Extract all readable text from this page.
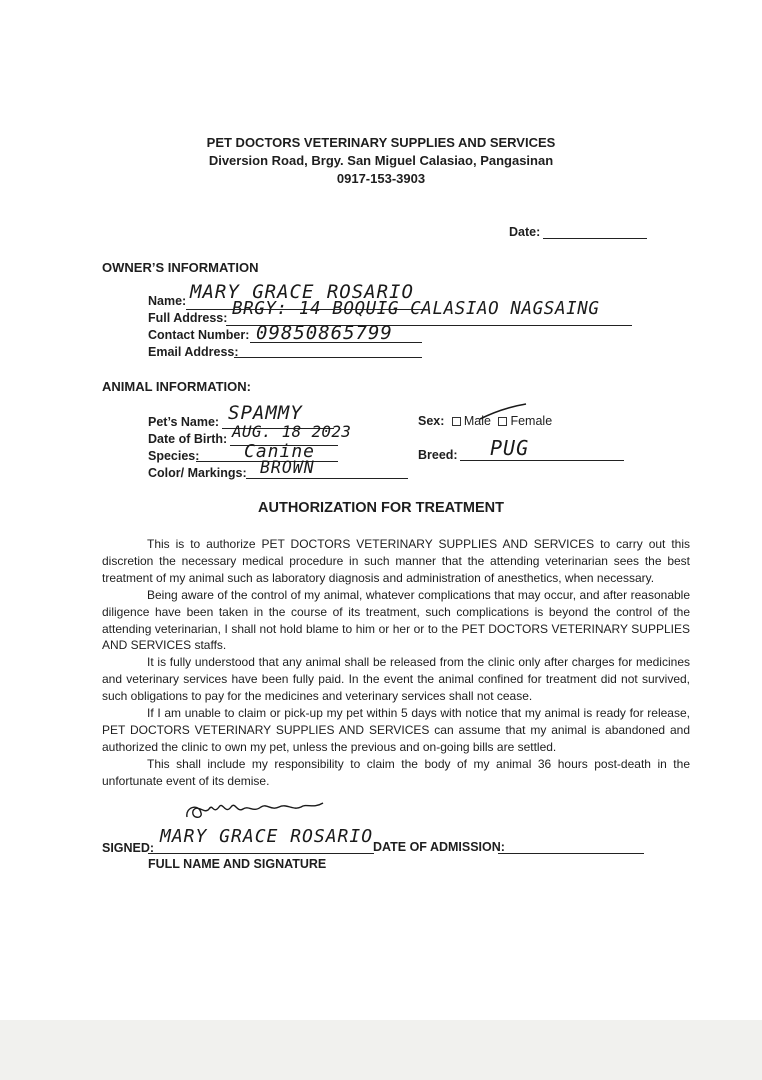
PET DOCTORS VETERINARY SUPPLIES AND SERVICES
Diversion Road, Brgy. San Miguel Calasiao, Pangasinan
0917-153-3903
Date:
OWNER’S INFORMATION
Name: MARY GRACE ROSARIO
Full Address: BRGY: 14 BOQUIG CALASIAO NAGSAING
Contact Number: 09850865799
Email Address:
ANIMAL INFORMATION:
Pet’s Name: SPAMMY
Date of Birth: AUG. 18 2023
Species: Canine
Color/ Markings: BROWN
Sex: Male Female
Breed: PUG
AUTHORIZATION FOR TREATMENT

This is to authorize PET DOCTORS VETERINARY SUPPLIES AND SERVICES to carry out this discretion the necessary medical procedure in such manner that the attending veterinarian sees the best treatment of my animal such as laboratory diagnosis and administration of anesthetics, when necessary.

Being aware of the control of my animal, whatever complications that may occur, and after reasonable diligence have been taken in the course of its treatment, such complications is beyond the control of the attending veterinarian, I shall not hold blame to him or her or to the PET DOCTORS VETERINARY SUPPLIES AND SERVICES staffs.

It is fully understood that any animal shall be released from the clinic only after charges for medicines and veterinary services have been fully paid. In the event the animal confined for treatment did not survived, such obligations to pay for the medicines and veterinary services shall not cease.

If I am unable to claim or pick-up my pet within 5 days with notice that my animal is ready for release, PET DOCTORS VETERINARY SUPPLIES AND SERVICES can assume that my animal is abandoned and authorized the clinic to own my pet, unless the previous and on-going bills are settled.

This shall include my responsibility to claim the body of my animal 36 hours post-death in the unfortunate event of its demise.

SIGNED:
MARY GRACE ROSARIO
FULL NAME AND SIGNATURE
DATE OF ADMISSION:
